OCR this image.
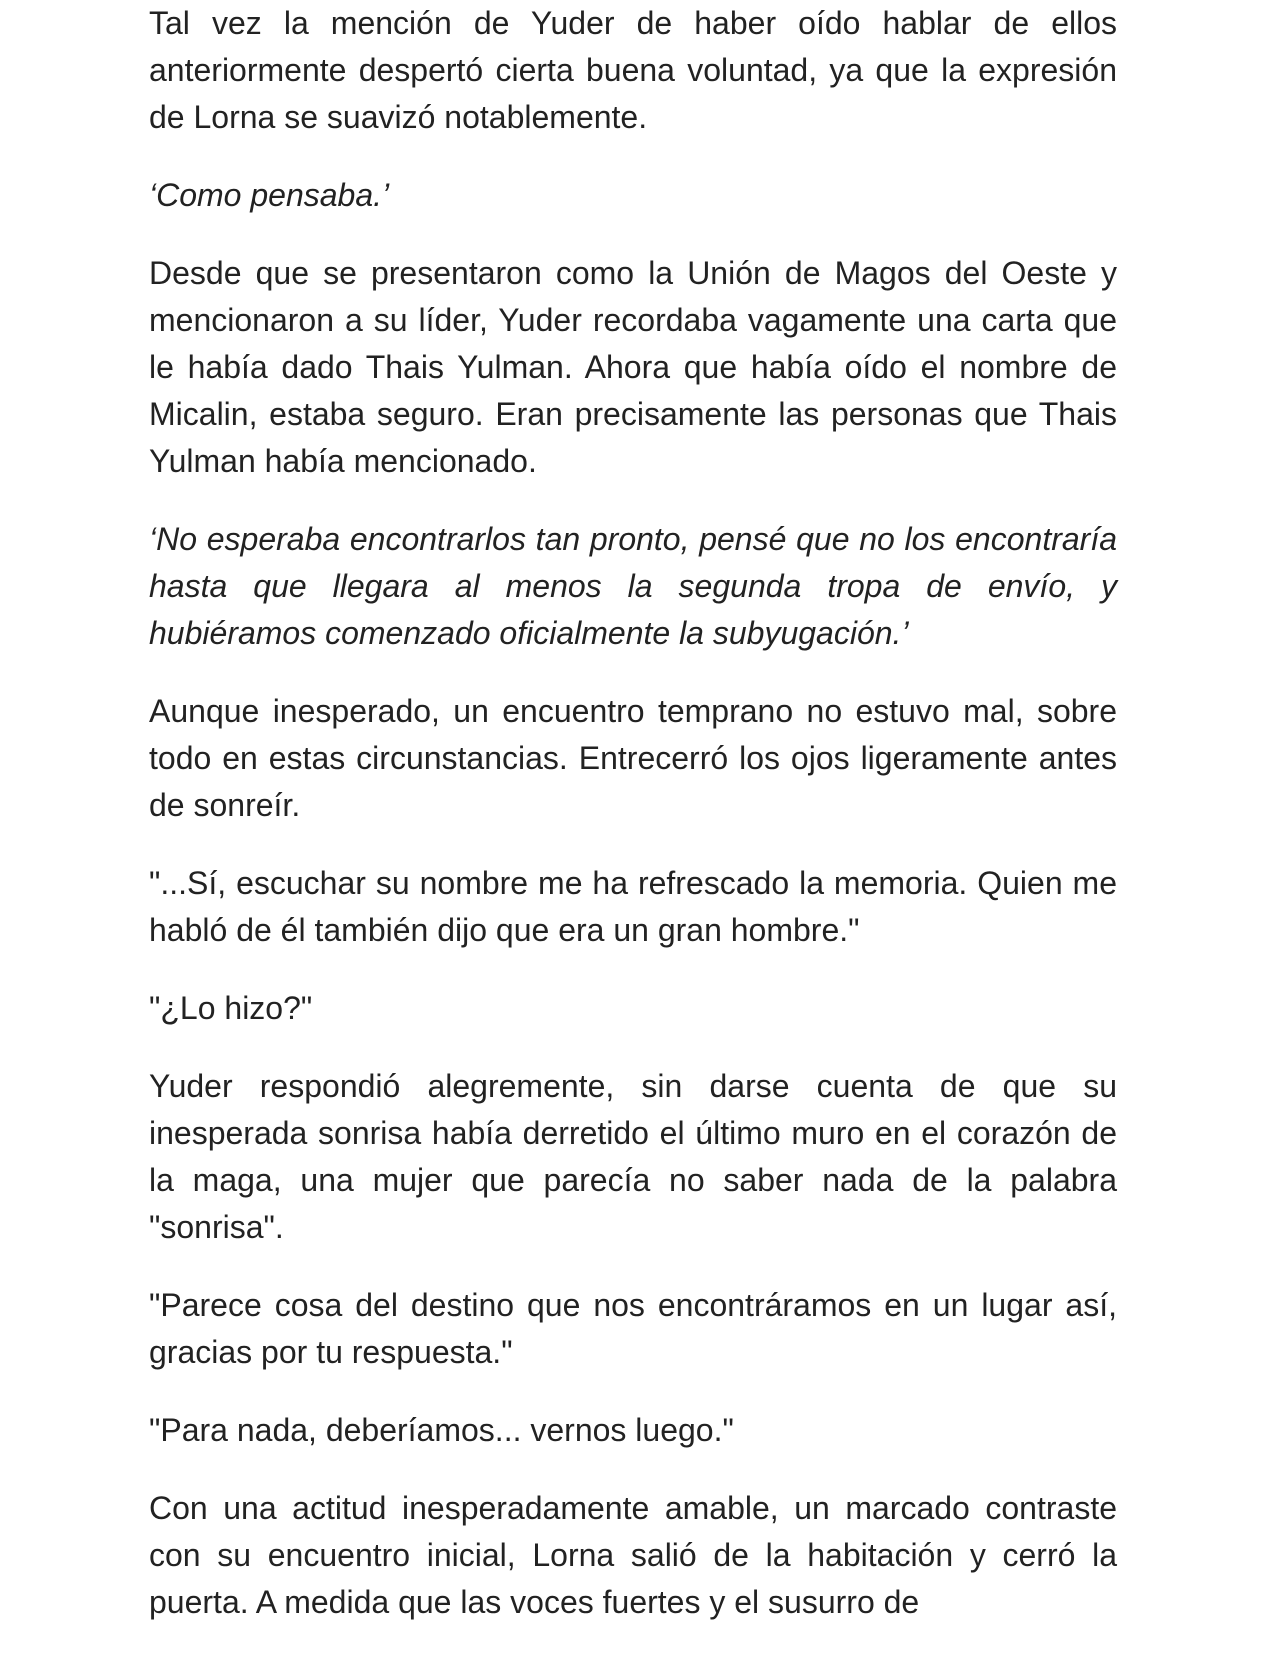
Tal vez la mención de Yuder de haber oído hablar de ellos anteriormente despertó cierta buena voluntad, ya que la expresión de Lorna se suavizó notablemente.

‘Como pensaba.’

Desde que se presentaron como la Unión de Magos del Oeste y mencionaron a su líder, Yuder recordaba vagamente una carta que le había dado Thais Yulman. Ahora que había oído el nombre de Micalin, estaba seguro. Eran precisamente las personas que Thais Yulman había mencionado.

‘No esperaba encontrarlos tan pronto, pensé que no los encontraría hasta que llegara al menos la segunda tropa de envío, y hubiéramos comenzado oficialmente la subyugación.’

Aunque inesperado, un encuentro temprano no estuvo mal, sobre todo en estas circunstancias. Entrecerró los ojos ligeramente antes de sonreír.

"...Sí, escuchar su nombre me ha refrescado la memoria. Quien me habló de él también dijo que era un gran hombre."

"¿Lo hizo?"

Yuder respondió alegremente, sin darse cuenta de que su inesperada sonrisa había derretido el último muro en el corazón de la maga, una mujer que parecía no saber nada de la palabra "sonrisa".

"Parece cosa del destino que nos encontráramos en un lugar así, gracias por tu respuesta."

"Para nada, deberíamos... vernos luego."

Con una actitud inesperadamente amable, un marcado contraste con su encuentro inicial, Lorna salió de la habitación y cerró la puerta. A medida que las voces fuertes y el susurro de
